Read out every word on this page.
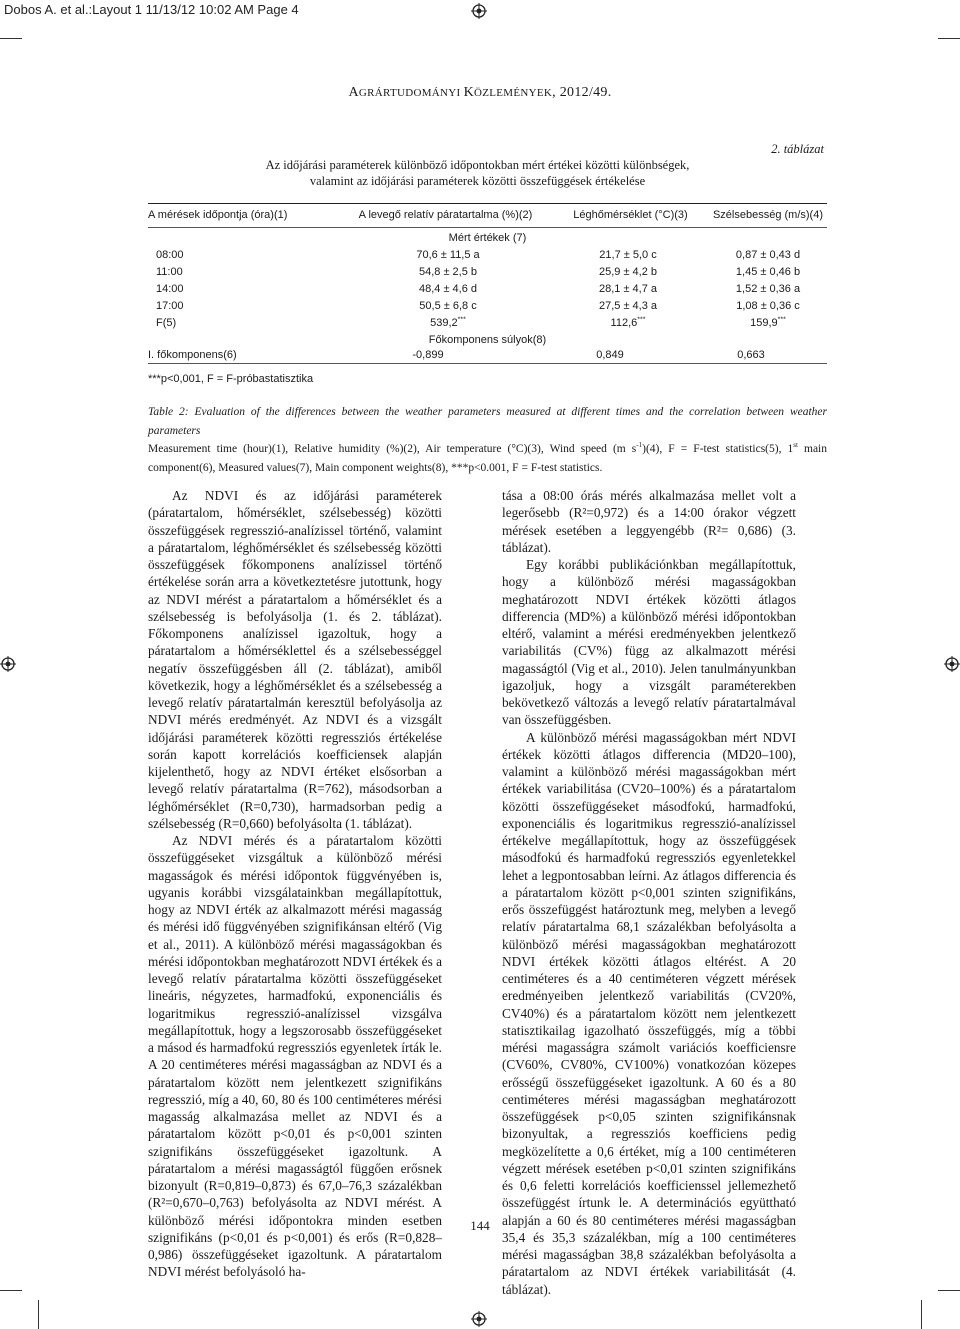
Dobos A. et al.:Layout 1 11/13/12 10:02 AM Page 4
AGRÁRTUDOMÁNYI KÖZLEMÉNYEK, 2012/49.
2. táblázat
Az időjárási paraméterek különböző időpontokban mért értékei közötti különbségek,
valamint az időjárási paraméterek közötti összefüggések értékelése
A mérések időpontja (óra)(1)	A levegő relatív páratartalma (%)(2)	Léghőmérséklet (°C)(3)	Szélsebesség (m/s)(4)
Mért értékek (7)
08:00	70,6 ± 11,5 a	21,7 ± 5,0 c	0,87 ± 0,43 d
11:00	54,8 ± 2,5 b	25,9 ± 4,2 b	1,45 ± 0,46 b
14:00	48,4 ± 4,6 d	28,1 ± 4,7 a	1,52 ± 0,36 a
17:00	50,5 ± 6,8 c	27,5 ± 4,3 a	1,08 ± 0,36 c
F(5)	539,2***	112,6***	159,9***
Főkomponens súlyok(8)
I. főkomponens(6)	-0,899	0,849	0,663
***p<0,001, F = F-próbastatisztika
Table 2: Evaluation of the differences between the weather parameters measured at different times and the correlation between weather parameters
Measurement time (hour)(1), Relative humidity (%)(2), Air temperature (°C)(3), Wind speed (m $s^{-1})(4)$, F = F-test statistics(5), 1st main component(6), Measured values(7), Main component weights(8), ***p<0.001, F = F-test statistics.

Az NDVI és az időjárási paraméterek (páratartalom, hőmérséklet, szélsebesség) közötti összefüggések regresszió-analízissel történő, valamint a páratartalom, léghőmérséklet és szélsebesség közötti összefüggések főkomponens analízissel történő értékelése során arra a következtetésre jutottunk, hogy az NDVI mérést a páratartalom a hőmérséklet és a szélsebesség is befolyásolja (1. és 2. táblázat). Főkomponens analízissel igazoltuk, hogy a páratartalom a hőmérséklettel és a szélsebességgel negatív összefüggésben áll (2. táblázat), amiből következik, hogy a léghőmérséklet és a szélsebesség a levegő relatív páratartalmán keresztül befolyásolja az NDVI mérés eredményét. Az NDVI és a vizsgált időjárási paraméterek közötti regressziós értékelése során kapott korrelációs koefficiensek alapján kijelenthető, hogy az NDVI értéket elsősorban a levegő relatív páratartalma (R=762), másodsorban a léghőmérséklet (R=0,730), harmadsorban pedig a szélsebesség (R=0,660) befolyásolta (1. táblázat).

Az NDVI mérés és a páratartalom közötti összefüggéseket vizsgáltuk a különböző mérési magasságok és mérési időpontok függvényében is, ugyanis korábbi vizsgálatainkban megállapítottuk, hogy az NDVI érték az alkalmazott mérési magasság és mérési idő függvényében szignifikánsan eltérő (Vig et al., 2011). A különböző mérési magasságokban és mérési időpontokban meghatározott NDVI értékek és a levegő relatív páratartalma közötti összefüggéseket lineáris, négyzetes, harmadfokú, exponenciális és logaritmikus regresszió-analízissel vizsgálva megállapítottuk, hogy a legszorosabb összefüggéseket a másod és harmadfokú regressziós egyenletek írták le. A 20 centiméteres mérési magasságban az NDVI és a páratartalom között nem jelentkezett szignifikáns regresszió, míg a 40, 60, 80 és 100 centiméteres mérési magasság alkalmazása mellet az NDVI és a páratartalom között p<0,01 és p<0,001 szinten szignifikáns összefüggéseket igazoltunk. A páratartalom a mérési magasságtól függően erősnek bizonyult (R=0,819–0,873) és 67,0–76,3 százalékban (R²=0,670–0,763) befolyásolta az NDVI mérést. A különböző mérési időpontokra minden esetben szignifikáns (p<0,01 és p<0,001) és erős (R=0,828– 0,986) összefüggéseket igazoltunk. A páratartalom NDVI mérést befolyásoló ha-

tása a 08:00 órás mérés alkalmazása mellet volt a legerősebb (R²=0,972) és a 14:00 órakor végzett mérések esetében a leggyengébb (R²= 0,686) (3. táblázat).

Egy korábbi publikációnkban megállapítottuk, hogy a különböző mérési magasságokban meghatározott NDVI értékek közötti átlagos differencia (MD%) a különböző mérési időpontokban eltérő, valamint a mérési eredményekben jelentkező variabilitás (CV%) függ az alkalmazott mérési magasságtól (Vig et al., 2010). Jelen tanulmányunkban igazoljuk, hogy a vizsgált paraméterekben bekövetkező változás a levegő relatív páratartalmával van összefüggésben.

A különböző mérési magasságokban mért NDVI értékek közötti átlagos differencia (MD20–100), valamint a különböző mérési magasságokban mért értékek variabilitása (CV20–100%) és a páratartalom közötti összefüggéseket másodfokú, harmadfokú, exponenciális és logaritmikus regresszió-analízissel értékelve megállapítottuk, hogy az összefüggések másodfokú és harmadfokú regressziós egyenletekkel lehet a legpontosabban leírni. Az átlagos differencia és a páratartalom között p<0,001 szinten szignifikáns, erős összefüggést határoztunk meg, melyben a levegő relatív páratartalma 68,1 százalékban befolyásolta a különböző mérési magasságokban meghatározott NDVI értékek közötti átlagos eltérést. A 20 centiméteres és a 40 centiméteren végzett mérések eredményeiben jelentkező variabilitás (CV20%, CV40%) és a páratartalom között nem jelentkezett statisztikailag igazolható összefüggés, míg a többi mérési magasságra számolt variációs koefficiensre (CV60%, CV80%, CV100%) vonatkozóan közepes erősségű összefüggéseket igazoltunk. A 60 és a 80 centiméteres mérési magasságban meghatározott összefüggések p<0,05 szinten szignifikánsnak bizonyultak, a regressziós koefficiens pedig megközelítette a 0,6 értéket, míg a 100 centiméteren végzett mérések esetében p<0,01 szinten szignifikáns és 0,6 feletti korrelációs koefficienssel jellemezhető összefüggést írtunk le. A determinációs együttható alapján a 60 és 80 centiméteres mérési magasságban 35,4 és 35,3 százalékban, míg a 100 centiméteres mérési magasságban 38,8 százalékban befolyásolta a páratartalom az NDVI értékek variabilitását (4. táblázat).

144
